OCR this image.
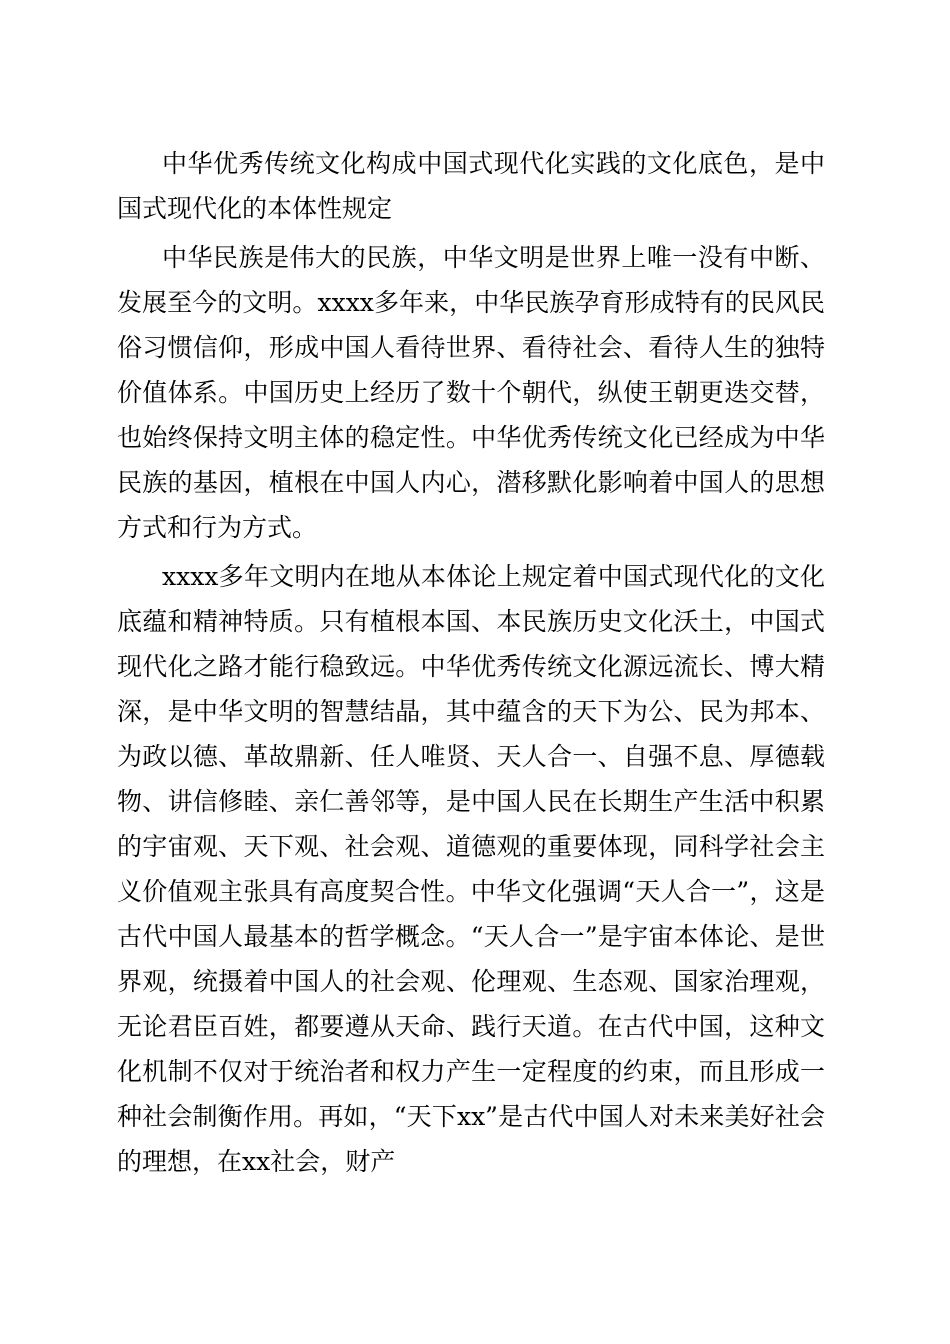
中华优秀传统文化构成中国式现代化实践的文化底色，是中国式现代化的本体性规定

中华民族是伟大的民族，中华文明是世界上唯一没有中断、发展至今的文明。xxxx多年来，中华民族孕育形成特有的民风民俗习惯信仰，形成中国人看待世界、看待社会、看待人生的独特价值体系。中国历史上经历了数十个朝代，纵使王朝更迭交替，也始终保持文明主体的稳定性。中华优秀传统文化已经成为中华民族的基因，植根在中国人内心，潜移默化影响着中国人的思想方式和行为方式。

xxxx多年文明内在地从本体论上规定着中国式现代化的文化底蕴和精神特质。只有植根本国、本民族历史文化沃土，中国式现代化之路才能行稳致远。中华优秀传统文化源远流长、博大精深，是中华文明的智慧结晶，其中蕴含的天下为公、民为邦本、为政以德、革故鼎新、任人唯贤、天人合一、自强不息、厚德载物、讲信修睦、亲仁善邻等，是中国人民在长期生产生活中积累的宇宙观、天下观、社会观、道德观的重要体现，同科学社会主义价值观主张具有高度契合性。中华文化强调“天人合一”，这是古代中国人最基本的哲学概念。“天人合一”是宇宙本体论、是世界观，统摄着中国人的社会观、伦理观、生态观、国家治理观，无论君臣百姓，都要遵从天命、践行天道。在古代中国，这种文化机制不仅对于统治者和权力产生一定程度的约束，而且形成一种社会制衡作用。再如，“天下xx”是古代中国人对未来美好社会的理想，在xx社会，财产
